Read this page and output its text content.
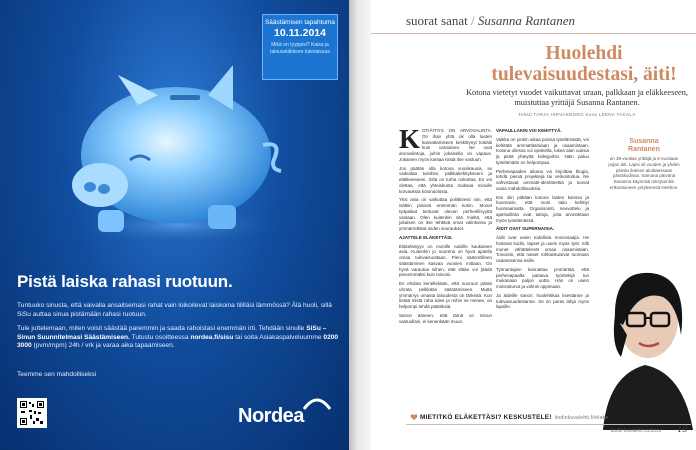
Säästämisen tapahtuma
10.11.2014
Mikä on tyyppisi? Kaisa ja talouseläkkeen tulevaisuus
Pistä laiska rahasi ruotuun.

Tuntuuko sinusta, että vaivalla ansaitsemasi rahat vain loikoilevat laiskoina tililläsi lämmössä? Älä huoli, sillä SiSu auttaa sinua pistämään rahasi ruotuun.

Tule juttelemaan, miten voisit säästää paremmin ja saada rahoistasi enemmän irti. Tehdään sinulle SiSu – Sinun Suunnitelmasi Säästämiseen. Tutustu osoitteessa nordea.fi/sisu tai soita Asiakaspalveluumme 0200 3000 (pvm/mpm) 24h / vrk ja varaa aika tapaamiseen.

Teemme sen mahdolliseksi
Nordea
suorat sanat / Susanna Rantanen
Huolehdi
tulevaisuudestasi, äiti!
Kotona vietetyt vuodet vaikuttavat uraan, palkkaan ja eläkkeeseen, muistuttaa yrittäjä Susanna Rantanen.
Teksti TARJA HIRVASNORO Kuva LEENA TAKALA

KOTIÄITIYS ON ARVOVALINTA. On ihan yhtä ok olla lasten kasvattamiseen keskittynyt kotiäiti kuin uranainen. Ne ovat arvovalintoja, joihin jokaisella on vapaus. Jokainen myös kantaa niistä itse vastuun.

Jos päätän olla kotona vuosikausia, se vaikuttaa tuloihini, palkkakehitykseeni ja eläkkeeseeni. Siitä on turha ruikuttaa. En voi olettaa, että yhteiskunta maksaa minulle korvauksia kotonaolosta.

Yksi asia on vaikuttaa poliittisesti niin, että isätkin jäisivät enemmän kotiin. Monet työpaikat tuntuvat olevan perheellisyyttä vastaan. Olen kuitenkin sitä mieltä, että jokaisen on itse tehtävä omat valintansa ja ymmärrettävä niiden seuraukset.

AJATTELE ELÄKETTÄSI.

Eläkeläisyys on monille naisille kaukainen asia. Kuitenkin jo nuorena on hyvä ajatella omaa tulevaisuuttaan. Pieni säännöllinen säästäminen kasvaa vuosien mittaan. On hyvä varautua siihen, että eläke voi jäädä pienemmäksi kuin toivoisi.

En ehdota kenellekään, että nuoruus pitäisi uhrata pelkkään säästämiseen. Mutta ymmärrys omasta taloudesta on tärkeää. Kun tietää mistä raha tulee ja mihin se menee, on helpompi tehdä päätöksiä.

Sanon ääneen, että tämä on minun vastuullani, ei kenenkään muun.

VAPAULLAKIN VOI KEHITTYÄ.

Vaikka on jonkin aikaa poissa työelämästä, voi kehittää ammattitaitoaan ja osaamistaan. Kotona ollessa voi opiskella, lukea alan uutisia ja pitää yhteyttä kollegoihin. Näin paluu työelämään on helpompaa.

Perhevapaiden aikana voi kirjoittaa blogia, tehdä pieniä projekteja tai verkostoitua. Ne vahvistavat ammatti-identiteettiä ja tuovat uusia mahdollisuuksia.

Itse olin pitkään kotona lasten kanssa ja huomasin, että moni taito kehittyi huomaamatta. Organisointi, neuvottelu ja ajanhallinta ovat taitoja, joita arvostetaan myös työelämässä.

ÄIDIT OVAT SUPERNAISIA.

Äidit ovat usein todellisia moniosaajia. He hoitavat kodin, lapset ja usein myös työt. Silti monet vähättelevät omaa osaamistaan. Toivoisin, että naiset rohkaistuisivat tuomaan osaamisensa esille.

Työnantajien kannattaa ymmärtää, että perhevapaalta palaava työntekijä tuo mukanaan paljon uutta. Hän on usein motivoitunut ja valmis oppimaan.

Ja äideille sanon: huolehtikaa itsestänne ja tulevaisuudestanne. Se on paras lahja myös lapsille.

Susanna
Rantanen
on 39-vuotias yrittäjä ja 5-vuotiaan pojan äiti. Lapsi oli vuoden ja yhden päivän ikäinen aloittaessaan päiväkodissa. Samana päivänä Susanna käynnisti rekrytointiin erikoistuneen yrityksensä Heebon.
MIETITKÖ ELÄKETTÄSI? KESKUSTELE! kodinkuvalehti.fi/elake
kodin kuvalehti 21/2014 19
